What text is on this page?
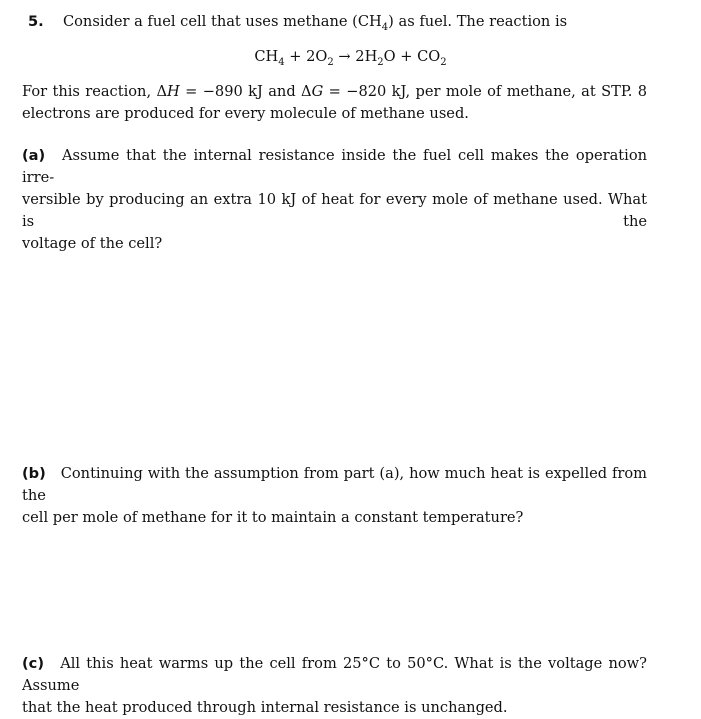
5. Consider a fuel cell that uses methane $(CH_4)$ as fuel. The reaction is
$CH_4 + 2O_2 \to 2H_2O + CO_2$
For this reaction, ΔH = −890 kJ and ΔG = −820 kJ, per mole of methane, at STP. 8
electrons are produced for every molecule of methane used.
(a) Assume that the internal resistance inside the fuel cell makes the operation irre-
versible by producing an extra 10 kJ of heat for every mole of methane used. What is the
voltage of the cell?
(b) Continuing with the assumption from part (a), how much heat is expelled from the
cell per mole of methane for it to maintain a constant temperature?
(c) All this heat warms up the cell from 25°C to 50°C. What is the voltage now? Assume
that the heat produced through internal resistance is unchanged.
